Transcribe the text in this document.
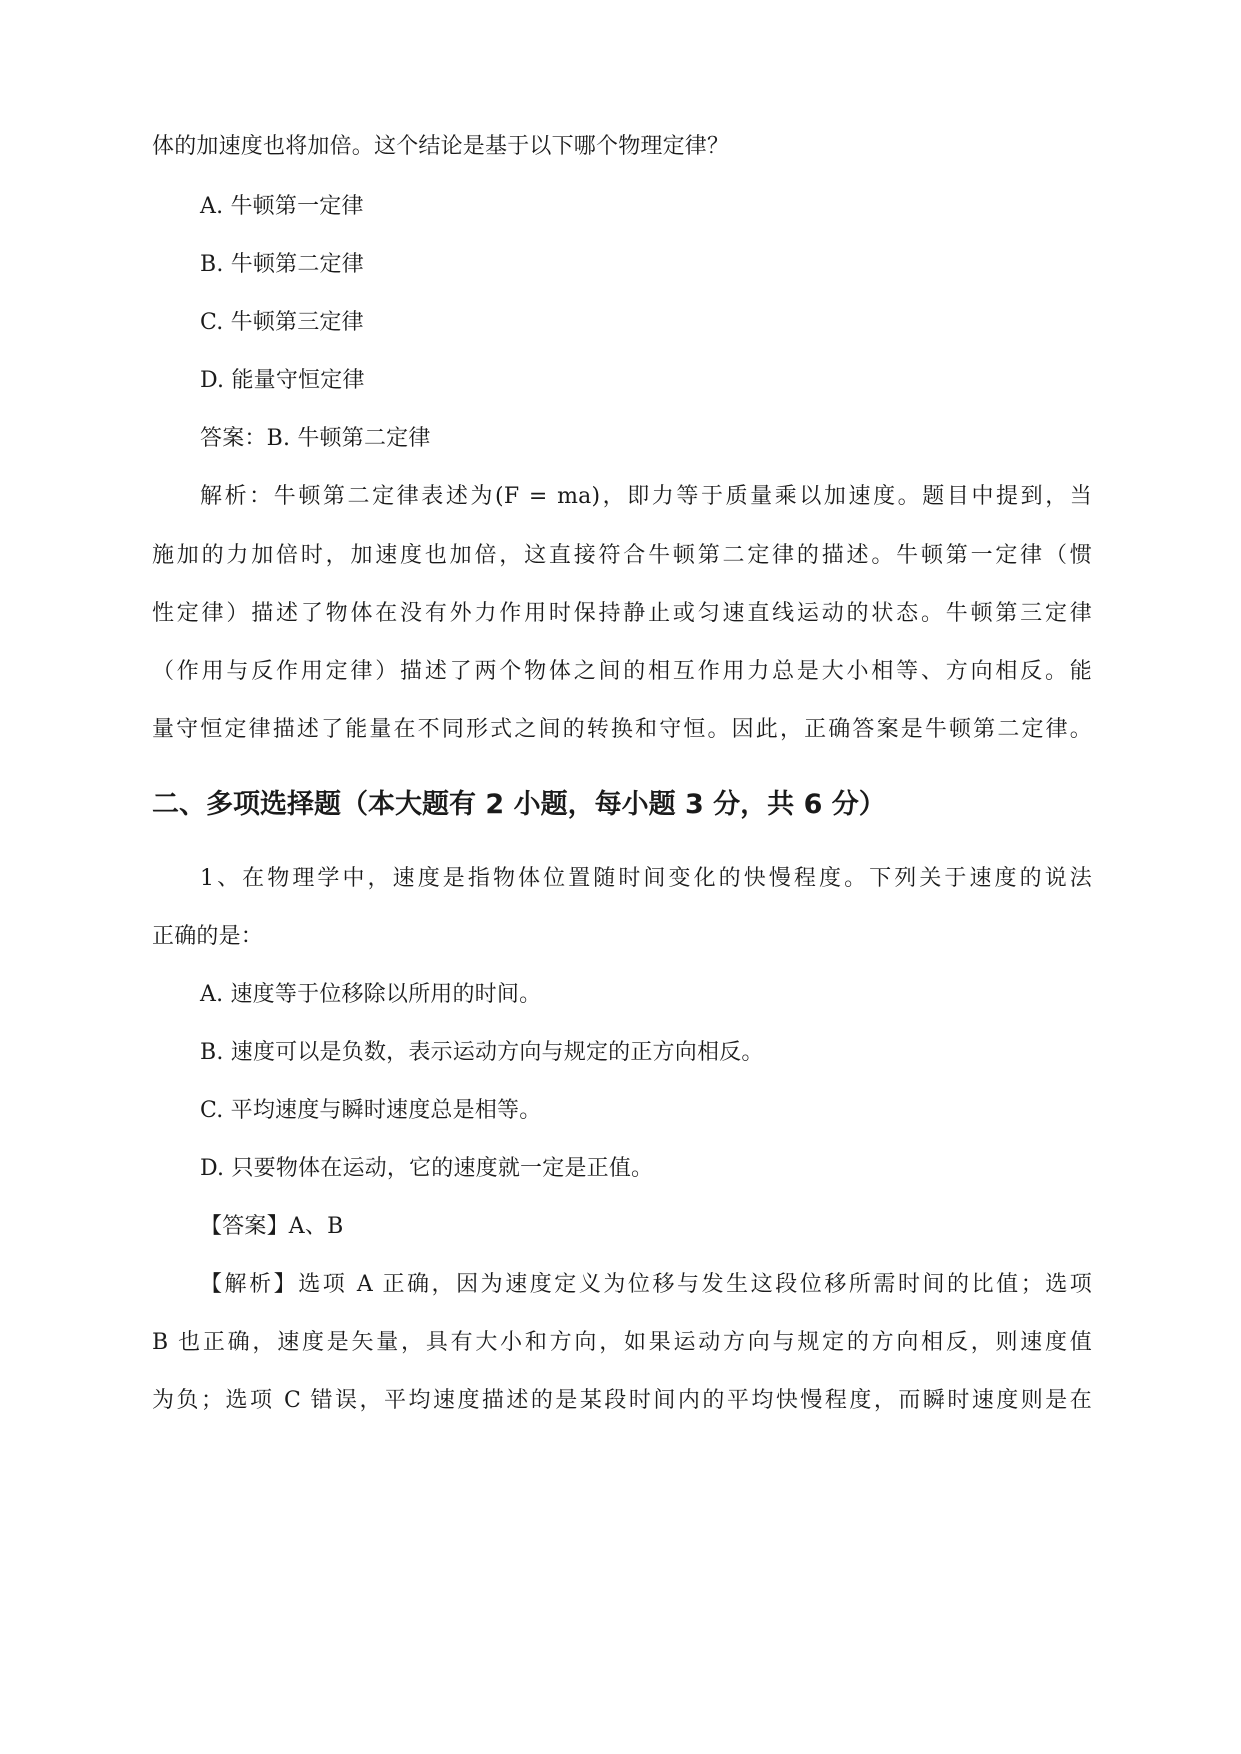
体的加速度也将加倍。这个结论是基于以下哪个物理定律？
A. 牛顿第一定律
B. 牛顿第二定律
C. 牛顿第三定律
D. 能量守恒定律
答案：B. 牛顿第二定律
解析：牛顿第二定律表述为(F = ma)，即力等于质量乘以加速度。题目中提到，当
施加的力加倍时，加速度也加倍，这直接符合牛顿第二定律的描述。牛顿第一定律（惯
性定律）描述了物体在没有外力作用时保持静止或匀速直线运动的状态。牛顿第三定律
（作用与反作用定律）描述了两个物体之间的相互作用力总是大小相等、方向相反。能
量守恒定律描述了能量在不同形式之间的转换和守恒。因此，正确答案是牛顿第二定律。
二、多项选择题（本大题有 2 小题，每小题 3 分，共 6 分）
1、在物理学中，速度是指物体位置随时间变化的快慢程度。下列关于速度的说法
正确的是：
A. 速度等于位移除以所用的时间。
B. 速度可以是负数，表示运动方向与规定的正方向相反。
C. 平均速度与瞬时速度总是相等。
D. 只要物体在运动，它的速度就一定是正值。
【答案】A、B
【解析】选项 A 正确，因为速度定义为位移与发生这段位移所需时间的比值；选项
B 也正确，速度是矢量，具有大小和方向，如果运动方向与规定的方向相反，则速度值
为负；选项 C 错误，平均速度描述的是某段时间内的平均快慢程度，而瞬时速度则是在
